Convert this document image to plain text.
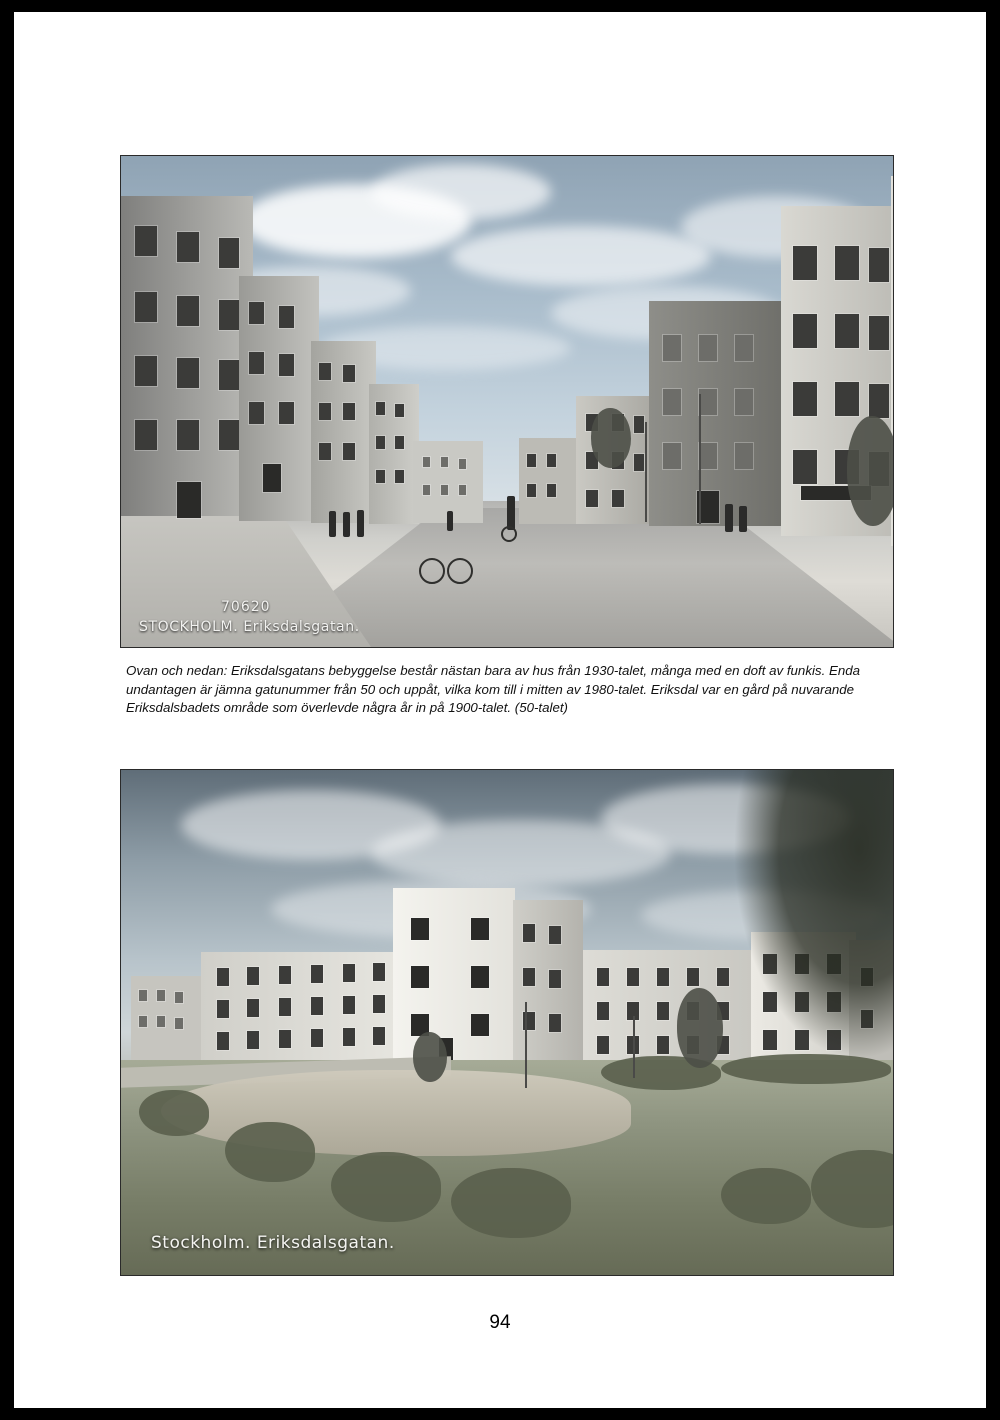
70620
STOCKHOLM. Eriksdalsgatan.
Ovan och nedan: Eriksdalsgatans bebyggelse består nästan bara av hus från 1930-talet, många med en doft av funkis. Enda undantagen är jämna gatunummer från 50 och uppåt, vilka kom till i mitten av 1980-talet. Eriksdal var en gård på nuvarande Eriksdalsbadets område som överlevde några år in på 1900-talet. (50-talet)
Stockholm. Eriksdalsgatan.
94
